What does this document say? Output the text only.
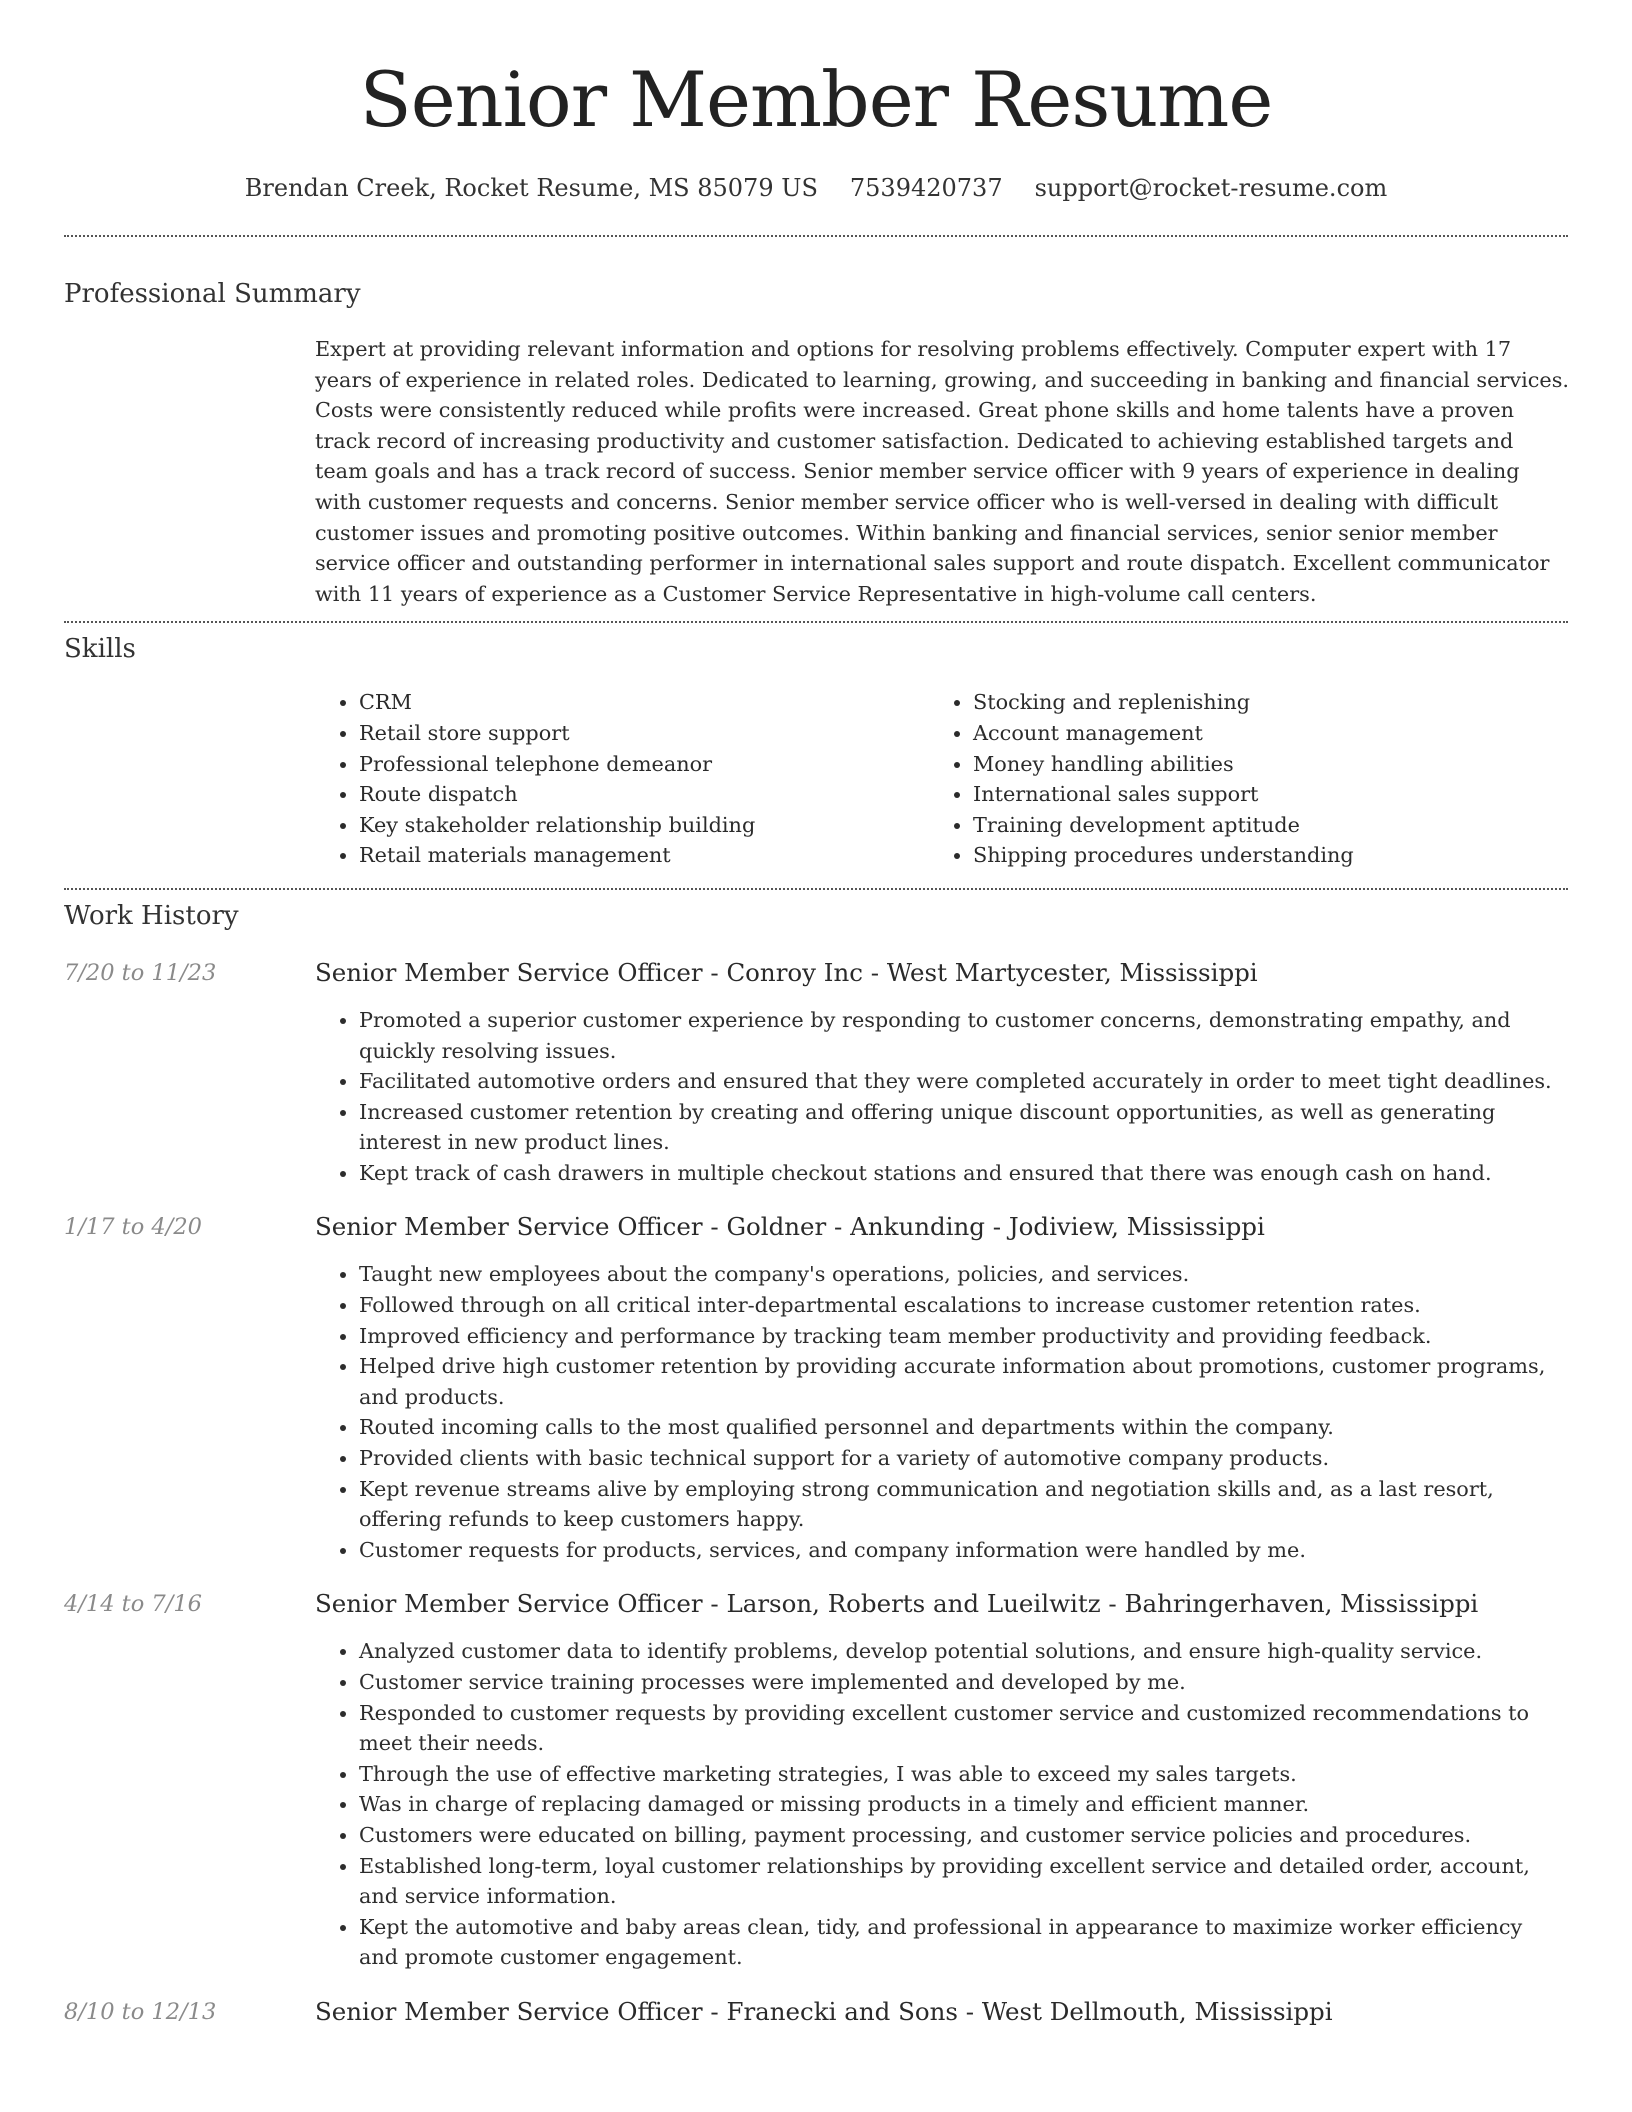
Senior Member Resume
Brendan Creek, Rocket Resume, MS 85079 US 7539420737 support@rocket-resume.com
Professional Summary

Expert at providing relevant information and options for resolving problems effectively. Computer expert with 17 years of experience in related roles. Dedicated to learning, growing, and succeeding in banking and financial services. Costs were consistently reduced while profits were increased. Great phone skills and home talents have a proven track record of increasing productivity and customer satisfaction. Dedicated to achieving established targets and team goals and has a track record of success. Senior member service officer with 9 years of experience in dealing with customer requests and concerns. Senior member service officer who is well-versed in dealing with difficult customer issues and promoting positive outcomes. Within banking and financial services, senior senior member service officer and outstanding performer in international sales support and route dispatch. Excellent communicator with 11 years of experience as a Customer Service Representative in high-volume call centers.

Skills
• CRM
• Retail store support
• Professional telephone demeanor
• Route dispatch
• Key stakeholder relationship building
• Retail materials management
• Stocking and replenishing
• Account management
• Money handling abilities
• International sales support
• Training development aptitude
• Shipping procedures understanding
Work History
7/20 to 11/23	Senior Member Service Officer - Conroy Inc - West Martycester, Mississippi
• Promoted a superior customer experience by responding to customer concerns, demonstrating empathy, and quickly resolving issues.
• Facilitated automotive orders and ensured that they were completed accurately in order to meet tight deadlines.
• Increased customer retention by creating and offering unique discount opportunities, as well as generating interest in new product lines.
• Kept track of cash drawers in multiple checkout stations and ensured that there was enough cash on hand.
1/17 to 4/20	Senior Member Service Officer - Goldner - Ankunding - Jodiview, Mississippi
• Taught new employees about the company's operations, policies, and services.
• Followed through on all critical inter-departmental escalations to increase customer retention rates.
• Improved efficiency and performance by tracking team member productivity and providing feedback.
• Helped drive high customer retention by providing accurate information about promotions, customer programs, and products.
• Routed incoming calls to the most qualified personnel and departments within the company.
• Provided clients with basic technical support for a variety of automotive company products.
• Kept revenue streams alive by employing strong communication and negotiation skills and, as a last resort, offering refunds to keep customers happy.
• Customer requests for products, services, and company information were handled by me.
4/14 to 7/16	Senior Member Service Officer - Larson, Roberts and Lueilwitz - Bahringerhaven, Mississippi
• Analyzed customer data to identify problems, develop potential solutions, and ensure high-quality service.
• Customer service training processes were implemented and developed by me.
• Responded to customer requests by providing excellent customer service and customized recommendations to meet their needs.
• Through the use of effective marketing strategies, I was able to exceed my sales targets.
• Was in charge of replacing damaged or missing products in a timely and efficient manner.
• Customers were educated on billing, payment processing, and customer service policies and procedures.
• Established long-term, loyal customer relationships by providing excellent service and detailed order, account, and service information.
• Kept the automotive and baby areas clean, tidy, and professional in appearance to maximize worker efficiency and promote customer engagement.
8/10 to 12/13	Senior Member Service Officer - Franecki and Sons - West Dellmouth, Mississippi
